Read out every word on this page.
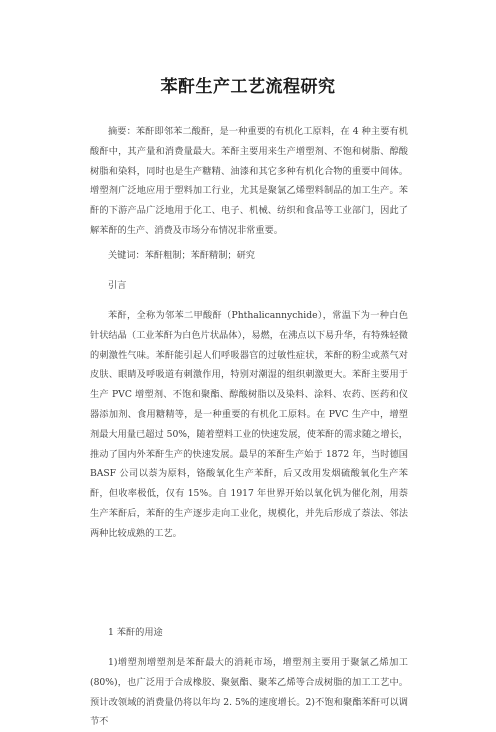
苯酐生产工艺流程研究

摘要：苯酐即邻苯二酸酐，是一种重要的有机化工原料，在 4 种主要有机酸酐中，其产量和消费量最大。苯酐主要用来生产增塑剂、不饱和树脂、醇酸树脂和染料，同时也是生产糖精、油漆和其它多种有机化合物的重要中间体。增塑剂广泛地应用于塑料加工行业，尤其是聚氯乙烯塑料制品的加工生产。苯酐的下游产品广泛地用于化工、电子、机械、纺织和食品等工业部门，因此了解苯酐的生产、消费及市场分布情况非常重要。

关键词：苯酐粗制；苯酐精制；研究

引言

苯酐，全称为邻苯二甲酸酐（Phthalicannychide），常温下为一种白色针状结晶（工业苯酐为白色片状晶体），易燃，在沸点以下易升华，有特殊轻微的刺激性气味。苯酐能引起人们呼吸器官的过敏性症状，苯酐的粉尘或蒸气对皮肤、眼睛及呼吸道有刺激作用，特别对潮湿的组织刺激更大。苯酐主要用于生产 PVC 增塑剂、不饱和聚酯、醇酸树脂以及染料、涂料、农药、医药和仪器添加剂、食用糖精等，是一种重要的有机化工原料。在 PVC 生产中，增塑剂最大用量已超过 50%，随着塑料工业的快速发展，使苯酐的需求随之增长，推动了国内外苯酐生产的快速发展。最早的苯酐生产始于 1872 年，当时德国 BASF 公司以萘为原料，铬酸氧化生产苯酐，后又改用发烟硫酸氧化生产苯酐，但收率极低，仅有 15%。自 1917 年世界开始以氧化钒为催化剂，用萘生产苯酐后，苯酐的生产逐步走向工业化，规模化，并先后形成了萘法、邻法两种比较成熟的工艺。

1 苯酐的用途

1)增塑剂增塑剂是苯酐最大的消耗市场，增塑剂主要用于聚氯乙烯加工(80%)，也广泛用于合成橡胶、聚氨酯、聚苯乙烯等合成树脂的加工工艺中。预计改领域的消费量仍将以年均 2. 5%的速度增长。2)不饱和聚酯苯酐可以调节不
